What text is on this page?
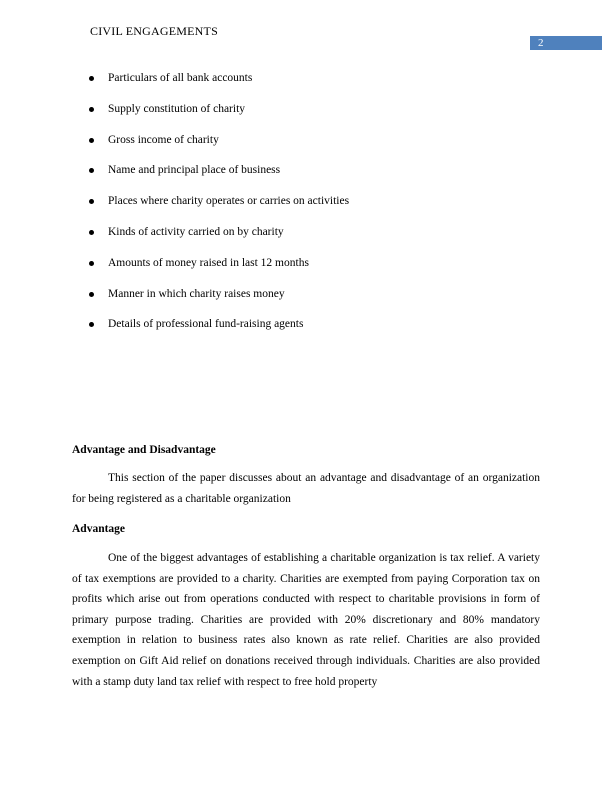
CIVIL ENGAGEMENTS
2
Particulars of all bank accounts
Supply constitution of charity
Gross income of charity
Name and principal place of business
Places where charity operates or carries on activities
Kinds of activity carried on by charity
Amounts of money raised in last 12 months
Manner in which charity raises money
Details of professional fund-raising agents
Advantage and Disadvantage

This section of the paper discusses about an advantage and disadvantage of an organization for being registered as a charitable organization

Advantage

One of the biggest advantages of establishing a charitable organization is tax relief. A variety of tax exemptions are provided to a charity. Charities are exempted from paying Corporation tax on profits which arise out from operations conducted with respect to charitable provisions in form of primary purpose trading. Charities are provided with 20% discretionary and 80% mandatory exemption in relation to business rates also known as rate relief. Charities are also provided exemption on Gift Aid relief on donations received through individuals. Charities are also provided with a stamp duty land tax relief with respect to free hold property
